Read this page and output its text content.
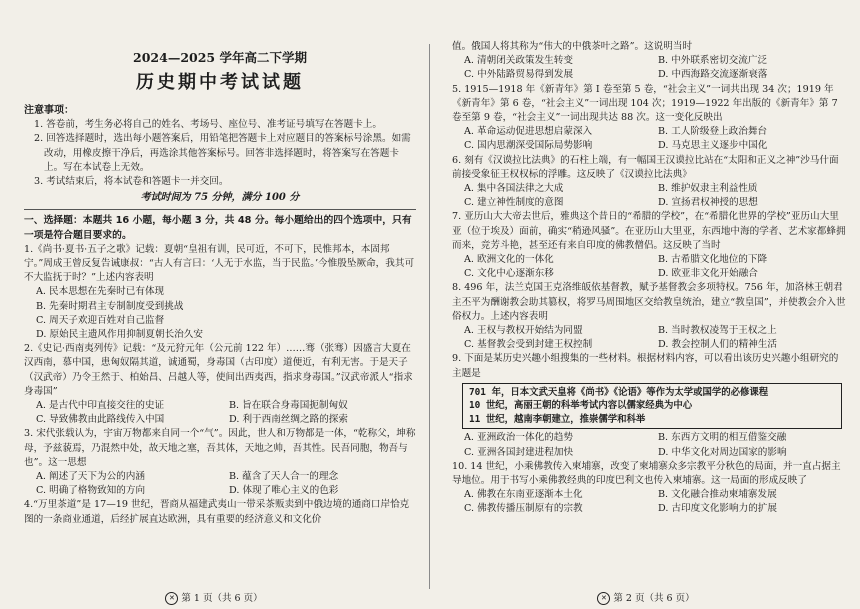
2024—2025 学年高二下学期
历史期中考试试题
注意事项：
1. 答卷前，考生务必将自己的姓名、考场号、座位号、准考证号填写在答题卡上。
2. 回答选择题时，选出每小题答案后，用铅笔把答题卡上对应题目的答案标号涂黑。如需改动，用橡皮擦干净后，再选涂其他答案标号。回答非选择题时，将答案写在答题卡上。写在本试卷上无效。
3. 考试结束后，将本试卷和答题卡一并交回。
考试时间为 75 分钟，满分 100 分
一、选择题：本题共 16 小题，每小题 3 分，共 48 分。每小题给出的四个选项中，只有一项是符合题目要求的。
1.《尚书·夏书·五子之歌》记载：夏朝“皇祖有训，民可近，不可下，民惟邦本，本固邦宁。”周成王曾反复告诫康叔：“古人有言曰：‘人无于水监，当于民监。’今惟殷坠厥命，我其可不大监抚于时？”上述内容表明
A. 民本思想在先秦时已有体现
B. 先秦时期君主专制制度受到挑战
C. 周天子欢迎百姓对自己监督
D. 原始民主遗风作用抑制夏朝长治久安
2.《史记·西南夷列传》记载：“及元狩元年（公元前 122 年）……骞（张骞）因盛言大夏在汉西南，慕中国，患匈奴隔其道，诚通蜀，身毒国（古印度）道便近，有利无害。于是天子（汉武帝）乃令王然于、柏始昌、吕越人等，使间出西夷西，指求身毒国。”汉武帝派人“指求身毒国”
A. 是古代中印直接交往的史证	B. 旨在联合身毒国扼制匈奴
C. 导致佛教由此路线传入中国	D. 利于西南丝绸之路的探索
3. 宋代张载认为，宇宙万物都来自同一个“气”。因此，世人和万物都是一体，“乾称父，坤称母，予兹藐焉，乃混然中处，故天地之塞，吾其体，天地之帅，吾其性。民吾同胞，物吾与也”。这一思想
A. 阐述了天下为公的内涵	B. 蕴含了天人合一的理念
C. 明确了格物致知的方向	D. 体现了唯心主义的色彩
4.“万里茶道”是 17—19 世纪，晋商从福建武夷山一带采茶贩卖到中俄边境的通商口岸恰克图的一条商业通道，后经扩展直达欧洲，具有重要的经济意义和文化价
✕ 第 1 页（共 6 页）
值。俄国人将其称为“伟大的中俄茶叶之路”。这说明当时
A. 清朝闭关政策发生转变	B. 中外联系密切交流广泛
C. 中外陆路贸易得到发展	D. 中西海路交流逐渐衰落
5. 1915—1918 年《新青年》第 I 卷至第 5 卷，“社会主义”一词共出现 34 次；1919 年《新青年》第 6 卷，“社会主义”一词出现 104 次；1919—1922 年出版的《新青年》第 7 卷至第 9 卷，“社会主义”一词出现共达 88 次。这一变化反映出
A. 革命运动促进思想启蒙深入	B. 工人阶级登上政治舞台
C. 国内思潮深受国际局势影响	D. 马克思主义逐步中国化
6. 刻有《汉谟拉比法典》的石柱上端，有一幅国王汉谟拉比站在“太阳和正义之神”沙马什面前接受象征王权权标的浮雕。这反映了《汉谟拉比法典》
A. 集中各国法律之大成	B. 维护奴隶主利益性质
C. 建立神性制度的意图	D. 宣扬君权神授的思想
7. 亚历山大大帝去世后，雅典这个昔日的“希腊的学校”，在“希腊化世界的学校”亚历山大里亚（位于埃及）面前，确实“稍逊风骚”。在亚历山大里亚，东西地中海的学者、艺术家都蜂拥而来，竞芳斗艳，甚至还有来自印度的佛教僧侣。这反映了当时
A. 欧洲文化的一体化	B. 古希腊文化地位的下降
C. 文化中心逐渐东移	D. 欧亚非文化开始融合
8. 496 年，法兰克国王克洛维皈依基督教，赋予基督教会多项特权。756 年，加洛林王朝君主丕平为酬谢教会助其篡权，将罗马周围地区交给教皇统治，建立“教皇国”，并使教会介入世俗权力。上述内容表明
A. 王权与教权开始结为同盟	B. 当时教权凌驾于王权之上
C. 基督教会受到封建王权控制	D. 教会控制人们的精神生活
9. 下面是某历史兴趣小组搜集的一些材料。根据材料内容，可以看出该历史兴趣小组研究的主题是
701 年，日本文武天皇将《尚书》《论语》等作为太学或国学的必修课程
10 世纪，高丽王朝的科举考试内容以儒家经典为中心
11 世纪，越南李朝建立，推崇儒学和科举
A. 亚洲政治一体化的趋势	B. 东西方文明的相互借鉴交融
C. 亚洲各国封建进程加快	D. 中华文化对周边国家的影响
10. 14 世纪，小乘佛教传入柬埔寨，改变了柬埔寨众多宗教平分秋色的局面，并一直占据主导地位。用于书写小乘佛教经典的印度巴利文也传入柬埔寨。这一局面的形成反映了
A. 佛教在东南亚逐渐本土化	B. 文化融合推动柬埔寨发展
C. 佛教传播压制原有的宗教	D. 古印度文化影响力的扩展
✕ 第 2 页（共 6 页）
